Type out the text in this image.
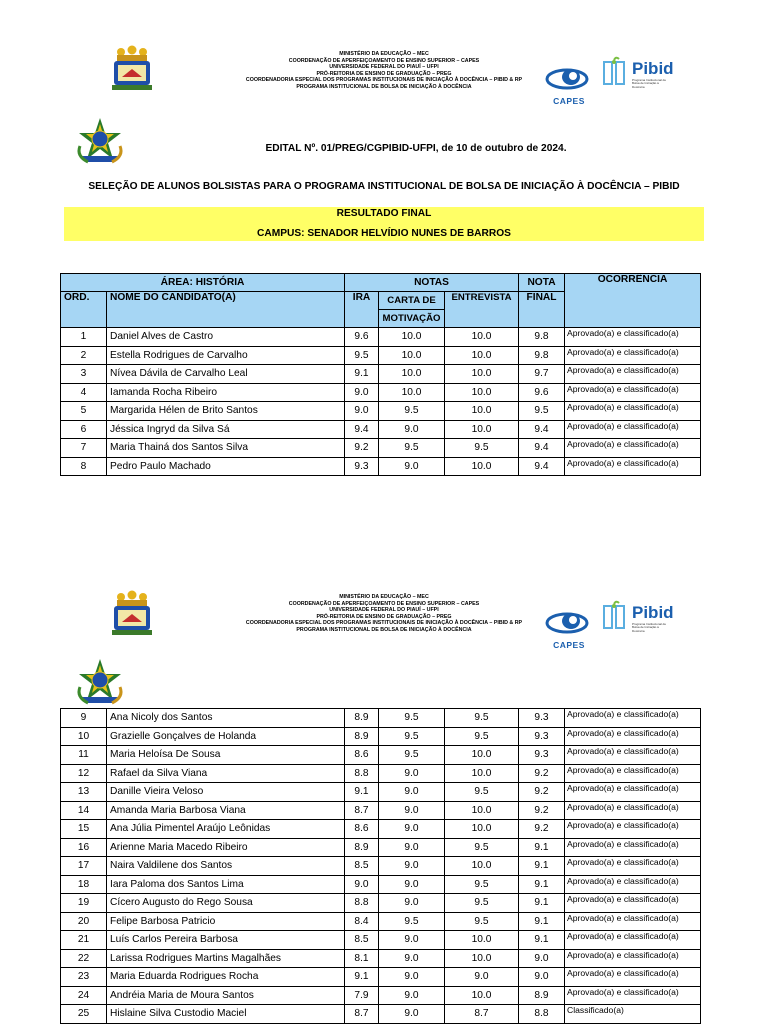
MINISTÉRIO DA EDUCAÇÃO – MEC
COORDENAÇÃO DE APERFEIÇOAMENTO DE ENSINO SUPERIOR – CAPES
UNIVERSIDADE FEDERAL DO PIAUÍ – UFPI
PRÓ-REITORIA DE ENSINO DE GRADUAÇÃO – PREG
COORDENADORIA ESPECIAL DOS PROGRAMAS INSTITUCIONAIS DE INICIAÇÃO À DOCÊNCIA – PIBID & RP
PROGRAMA INSTITUCIONAL DE BOLSA DE INICIAÇÃO À DOCÊNCIA
CAPES
Pibid
Programa Institucional de Bolsa de Iniciação à Docência
EDITAL Nº. 01/PREG/CGPIBID-UFPI, de 10 de outubro de 2024.
SELEÇÃO DE ALUNOS BOLSISTAS PARA O PROGRAMA INSTITUCIONAL DE BOLSA DE INICIAÇÃO À DOCÊNCIA – PIBID
RESULTADO FINAL
CAMPUS: SENADOR HELVÍDIO NUNES DE BARROS
ÁREA: HISTÓRIA		NOTAS			NOTA	OCORRÊNCIA
ORD.	NOME DO CANDIDATO(A)	IRA	CARTA DE	ENTREVISTA	FINAL	
			MOTIVAÇÃO			
1	Daniel Alves de Castro	9.6	10.0	10.0	9.8	Aprovado(a) e classificado(a)
2	Estella Rodrigues de Carvalho	9.5	10.0	10.0	9.8	Aprovado(a) e classificado(a)
3	Nívea Dávila de Carvalho Leal	9.1	10.0	10.0	9.7	Aprovado(a) e classificado(a)
4	Iamanda Rocha Ribeiro	9.0	10.0	10.0	9.6	Aprovado(a) e classificado(a)
5	Margarida Hélen de Brito Santos	9.0	9.5	10.0	9.5	Aprovado(a) e classificado(a)
6	Jéssica Ingryd da Silva Sá	9.4	9.0	10.0	9.4	Aprovado(a) e classificado(a)
7	Maria Thainá dos Santos Silva	9.2	9.5	9.5	9.4	Aprovado(a) e classificado(a)
8	Pedro Paulo Machado	9.3	9.0	10.0	9.4	Aprovado(a) e classificado(a)
MINISTÉRIO DA EDUCAÇÃO – MEC
COORDENAÇÃO DE APERFEIÇOAMENTO DE ENSINO SUPERIOR – CAPES
UNIVERSIDADE FEDERAL DO PIAUÍ – UFPI
PRÓ-REITORIA DE ENSINO DE GRADUAÇÃO – PREG
COORDENADORIA ESPECIAL DOS PROGRAMAS INSTITUCIONAIS DE INICIAÇÃO À DOCÊNCIA – PIBID & RP
PROGRAMA INSTITUCIONAL DE BOLSA DE INICIAÇÃO À DOCÊNCIA
CAPES
Pibid
Programa Institucional de Bolsa de Iniciação à Docência
9	Ana Nicoly dos Santos	8.9	9.5	9.5	9.3	Aprovado(a) e classificado(a)
10	Grazielle Gonçalves de Holanda	8.9	9.5	9.5	9.3	Aprovado(a) e classificado(a)
11	Maria Heloísa De Sousa	8.6	9.5	10.0	9.3	Aprovado(a) e classificado(a)
12	Rafael da Silva Viana	8.8	9.0	10.0	9.2	Aprovado(a) e classificado(a)
13	Danille Vieira Veloso	9.1	9.0	9.5	9.2	Aprovado(a) e classificado(a)
14	Amanda Maria Barbosa Viana	8.7	9.0	10.0	9.2	Aprovado(a) e classificado(a)
15	Ana Júlia Pimentel Araújo Leônidas	8.6	9.0	10.0	9.2	Aprovado(a) e classificado(a)
16	Arienne Maria Macedo Ribeiro	8.9	9.0	9.5	9.1	Aprovado(a) e classificado(a)
17	Naira Valdilene dos Santos	8.5	9.0	10.0	9.1	Aprovado(a) e classificado(a)
18	Iara Paloma dos Santos Lima	9.0	9.0	9.5	9.1	Aprovado(a) e classificado(a)
19	Cícero Augusto do Rego Sousa	8.8	9.0	9.5	9.1	Aprovado(a) e classificado(a)
20	Felipe Barbosa Patricio	8.4	9.5	9.5	9.1	Aprovado(a) e classificado(a)
21	Luís Carlos Pereira Barbosa	8.5	9.0	10.0	9.1	Aprovado(a) e classificado(a)
22	Larissa Rodrigues Martins Magalhães	8.1	9.0	10.0	9.0	Aprovado(a) e classificado(a)
23	Maria Eduarda Rodrigues Rocha	9.1	9.0	9.0	9.0	Aprovado(a) e classificado(a)
24	Andréia Maria de Moura Santos	7.9	9.0	10.0	8.9	Aprovado(a) e classificado(a)
25	Hislaine Silva Custodio Maciel	8.7	9.0	8.7	8.8	Classificado(a)
